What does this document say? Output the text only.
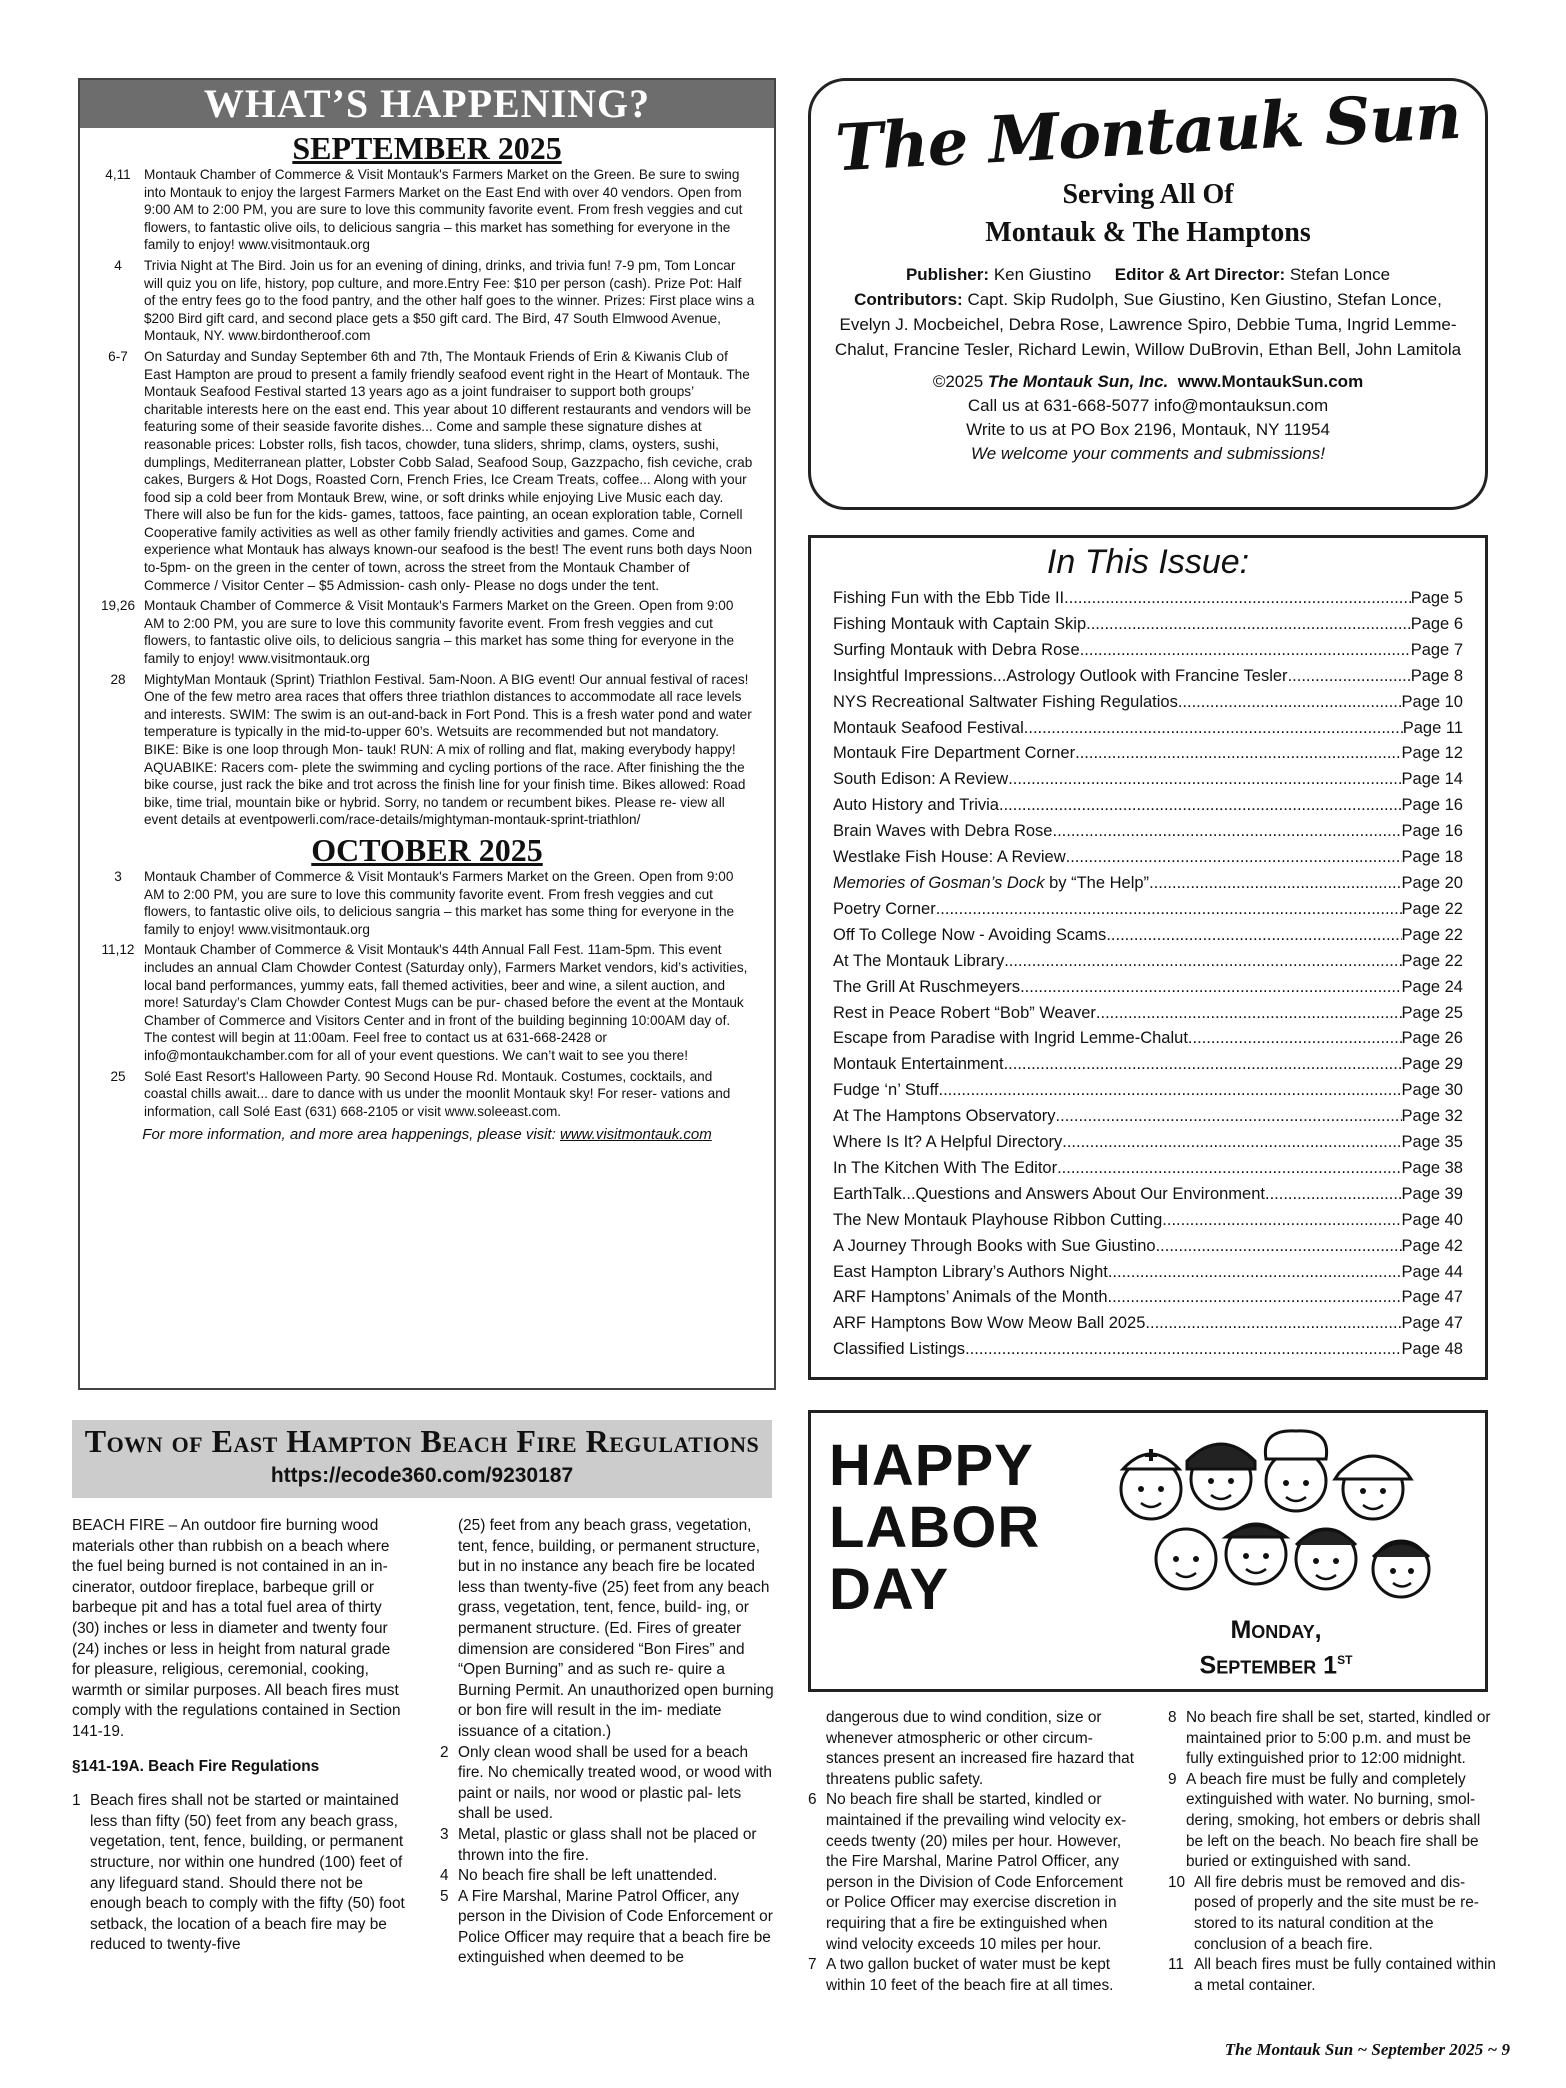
WHAT’S HAPPENING?
SEPTEMBER 2025
4,11 Montauk Chamber of Commerce & Visit Montauk's Farmers Market on the Green. Be sure to swing into Montauk to enjoy the largest Farmers Market on the East End with over 40 vendors. Open from 9:00 AM to 2:00 PM, you are sure to love this community favorite event. From fresh veggies and cut flowers, to fantastic olive oils, to delicious sangria – this market has something for everyone in the family to enjoy! www.visitmontauk.org
4	Trivia Night at The Bird. Join us for an evening of dining, drinks, and trivia fun! 7-9 pm, Tom Loncar will quiz you on life, history, pop culture, and more.Entry Fee: $10 per person (cash). Prize Pot: Half of the entry fees go to the food pantry, and the other half goes to the winner. Prizes: First place wins a $200 Bird gift card, and second place gets a $50 gift card. The Bird, 47 South Elmwood Avenue, Montauk, NY. www.birdontheroof.com
6-7	On Saturday and Sunday September 6th and 7th, The Montauk Friends of Erin & Kiwanis Club of East Hampton are proud to present a family friendly seafood event right in the Heart of Montauk. The Montauk Seafood Festival started 13 years ago as a joint fundraiser to support both groups’ charitable interests here on the east end. This year about 10 different restaurants and vendors will be featuring some of their seaside favorite dishes... Come and sample these signature dishes at reasonable prices: Lobster rolls, fish tacos, chowder, tuna sliders, shrimp, clams, oysters, sushi, dumplings, Mediterranean platter, Lobster Cobb Salad, Seafood Soup, Gazzpacho, fish ceviche, crab cakes, Burgers & Hot Dogs, Roasted Corn, French Fries, Ice Cream Treats, coffee... Along with your food sip a cold beer from Montauk Brew, wine, or soft drinks while enjoying Live Music each day. There will also be fun for the kids- games, tattoos, face painting, an ocean exploration table, Cornell Cooperative family activities as well as other family friendly activities and games. Come and experience what Montauk has always known-our seafood is the best! The event runs both days Noon to-5pm- on the green in the center of town, across the street from the Montauk Chamber of Commerce / Visitor Center – $5 Admission- cash only- Please no dogs under the tent.
19,26 Montauk Chamber of Commerce & Visit Montauk's Farmers Market on the Green. Open from 9:00 AM to 2:00 PM, you are sure to love this community favorite event. From fresh veggies and cut flowers, to fantastic olive oils, to delicious sangria – this market has some thing for everyone in the family to enjoy! www.visitmontauk.org
28	MightyMan Montauk (Sprint) Triathlon Festival. 5am-Noon. A BIG event! Our annual festival of races! One of the few metro area races that offers three triathlon distances to accommodate all race levels and interests. SWIM: The swim is an out-and-back in Fort Pond. This is a fresh water pond and water temperature is typically in the mid-to-upper 60’s. Wetsuits are recommended but not mandatory. BIKE: Bike is one loop through Mon- tauk! RUN: A mix of rolling and flat, making everybody happy! AQUABIKE: Racers com- plete the swimming and cycling portions of the race. After finishing the the bike course, just rack the bike and trot across the finish line for your finish time. Bikes allowed: Road bike, time trial, mountain bike or hybrid. Sorry, no tandem or recumbent bikes. Please re- view all event details at eventpowerli.com/race-details/mightyman-montauk-sprint-triathlon/
OCTOBER 2025
3	Montauk Chamber of Commerce & Visit Montauk's Farmers Market on the Green. Open from 9:00 AM to 2:00 PM, you are sure to love this community favorite event. From fresh veggies and cut flowers, to fantastic olive oils, to delicious sangria – this market has some thing for everyone in the family to enjoy! www.visitmontauk.org
11,12 Montauk Chamber of Commerce & Visit Montauk's 44th Annual Fall Fest. 11am-5pm. This event includes an annual Clam Chowder Contest (Saturday only), Farmers Market vendors, kid’s activities, local band performances, yummy eats, fall themed activities, beer and wine, a silent auction, and more! Saturday’s Clam Chowder Contest Mugs can be pur- chased before the event at the Montauk Chamber of Commerce and Visitors Center and in front of the building beginning 10:00AM day of. The contest will begin at 11:00am. Feel free to contact us at 631-668-2428 or info@montaukchamber.com for all of your event questions. We can’t wait to see you there!
25	Solé East Resort's Halloween Party. 90 Second House Rd. Montauk. Costumes, cocktails, and coastal chills await... dare to dance with us under the moonlit Montauk sky! For reser- vations and information, call Solé East (631) 668-2105 or visit www.soleeast.com.
For more information, and more area happenings, please visit: www.visitmontauk.com
The Montauk Sun
Serving All Of
Montauk & The Hamptons
Publisher: Ken Giustino Editor & Art Director: Stefan Lonce
Contributors: Capt. Skip Rudolph, Sue Giustino, Ken Giustino, Stefan Lonce, Evelyn J. Mocbeichel, Debra Rose, Lawrence Spiro, Debbie Tuma, Ingrid Lemme-Chalut, Francine Tesler, Richard Lewin, Willow DuBrovin, Ethan Bell, John Lamitola
©2025 The Montauk Sun, Inc. www.MontaukSun.com
Call us at 631-668-5077 info@montauksun.com
Write to us at PO Box 2196, Montauk, NY 11954
We welcome your comments and submissions!
In This Issue:
Fishing Fun with the Ebb Tide II .....	Page 5
Fishing Montauk with Captain Skip .....	Page 6
Surfing Montauk with Debra Rose .....	Page 7
Insightful Impressions...Astrology Outlook with Francine Tesler .....	Page 8
NYS Recreational Saltwater Fishing Regulatios .....	Page 10
Montauk Seafood Festival .....	Page 11
Montauk Fire Department Corner .....	Page 12
South Edison: A Review .....	Page 14
Auto History and Trivia .....	Page 16
Brain Waves with Debra Rose .....	Page 16
Westlake Fish House: A Review .....	Page 18
Memories of Gosman’s Dock by “The Help” .....	Page 20
Poetry Corner .....	Page 22
Off To College Now - Avoiding Scams .....	Page 22
At The Montauk Library .....	Page 22
The Grill At Ruschmeyers .....	Page 24
Rest in Peace Robert “Bob” Weaver .....	Page 25
Escape from Paradise with Ingrid Lemme-Chalut .....	Page 26
Montauk Entertainment .....	Page 29
Fudge ‘n’ Stuff .....	Page 30
At The Hamptons Observatory .....	Page 32
Where Is It? A Helpful Directory .....	Page 35
In The Kitchen With The Editor .....	Page 38
EarthTalk...Questions and Answers About Our Environment .....	Page 39
The New Montauk Playhouse Ribbon Cutting .....	Page 40
A Journey Through Books with Sue Giustino .....	Page 42
East Hampton Library’s Authors Night .....	Page 44
ARF Hamptons’ Animals of the Month .....	Page 47
ARF Hamptons Bow Wow Meow Ball 2025 .....	Page 47
Classified Listings .....	Page 48
HAPPY
LABOR
DAY
Monday,
September 1ST
Town of East Hampton Beach Fire Regulations
https://ecode360.com/9230187

BEACH FIRE – An outdoor fire burning wood materials other than rubbish on a beach where the fuel being burned is not contained in an in- cinerator, outdoor fireplace, barbeque grill or barbeque pit and has a total fuel area of thirty (30) inches or less in diameter and twenty four (24) inches or less in height from natural grade for pleasure, religious, ceremonial, cooking, warmth or similar purposes. All beach fires must comply with the regulations contained in Section 141-19.

§141-19A. Beach Fire Regulations
1 Beach fires shall not be started or maintained less than fifty (50) feet from any beach grass, vegetation, tent, fence, building, or permanent structure, nor within one hundred (100) feet of any lifeguard stand. Should there not be enough beach to comply with the fifty (50) foot setback, the location of a beach fire may be reduced to twenty-five
(25) feet from any beach grass, vegetation, tent, fence, building, or permanent structure, but in no instance any beach fire be located less than twenty-five (25) feet from any beach grass, vegetation, tent, fence, build- ing, or permanent structure. (Ed. Fires of greater dimension are considered “Bon Fires” and “Open Burning” and as such re- quire a Burning Permit. An unauthorized open burning or bon fire will result in the im- mediate issuance of a citation.)
2 Only clean wood shall be used for a beach fire. No chemically treated wood, or wood with paint or nails, nor wood or plastic pal- lets shall be used.
3 Metal, plastic or glass shall not be placed or thrown into the fire.
4 No beach fire shall be left unattended.
5 A Fire Marshal, Marine Patrol Officer, any person in the Division of Code Enforcement or Police Officer may require that a beach fire be extinguished when deemed to be
dangerous due to wind condition, size or whenever atmospheric or other circum- stances present an increased fire hazard that threatens public safety.
6 No beach fire shall be started, kindled or maintained if the prevailing wind velocity ex- ceeds twenty (20) miles per hour. However, the Fire Marshal, Marine Patrol Officer, any person in the Division of Code Enforcement or Police Officer may exercise discretion in requiring that a fire be extinguished when wind velocity exceeds 10 miles per hour.
7 A two gallon bucket of water must be kept within 10 feet of the beach fire at all times.
8 No beach fire shall be set, started, kindled or maintained prior to 5:00 p.m. and must be fully extinguished prior to 12:00 midnight.
9 A beach fire must be fully and completely extinguished with water. No burning, smol- dering, smoking, hot embers or debris shall be left on the beach. No beach fire shall be buried or extinguished with sand.
10 All fire debris must be removed and dis- posed of properly and the site must be re- stored to its natural condition at the conclusion of a beach fire.
11 All beach fires must be fully contained within a metal container.
The Montauk Sun ~ September 2025 ~ 9
